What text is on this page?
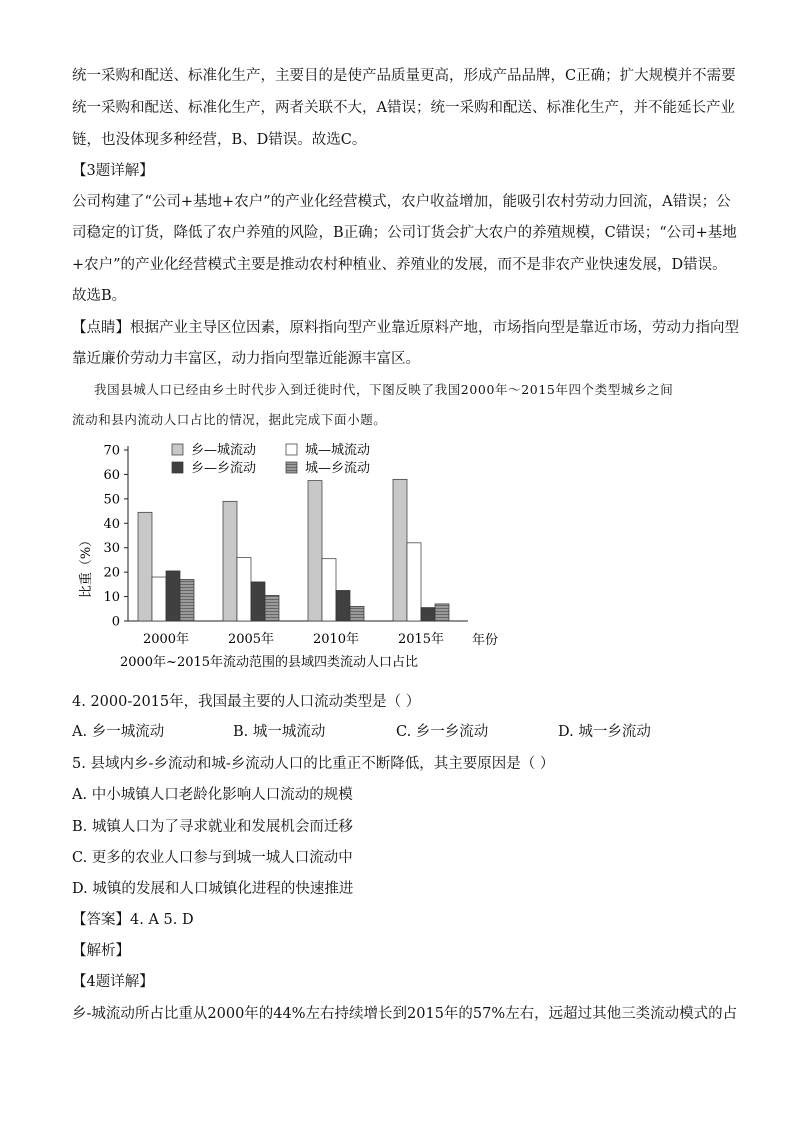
统一采购和配送、标准化生产，主要目的是使产品质量更高，形成产品品牌，C正确；扩大规模并不需要
统一采购和配送、标准化生产，两者关联不大，A错误；统一采购和配送、标准化生产，并不能延长产业
链，也没体现多种经营，B、D错误。故选C。
【3题详解】
公司构建了“公司+基地+农户”的产业化经营模式，农户收益增加，能吸引农村劳动力回流，A错误；公
司稳定的订货，降低了农户养殖的风险，B正确；公司订货会扩大农户的养殖规模，C错误；“公司+基地
+农户”的产业化经营模式主要是推动农村种植业、养殖业的发展，而不是非农产业快速发展，D错误。
故选B。
【点睛】根据产业主导区位因素，原料指向型产业靠近原料产地，市场指向型是靠近市场，劳动力指向型
靠近廉价劳动力丰富区，动力指向型靠近能源丰富区。
我国县城人口已经由乡土时代步入到迁徙时代，下图反映了我国2000年～2015年四个类型城乡之间
流动和县内流动人口占比的情况，据此完成下面小题。
0
10
20
30
40
50
60
70
2000年	2005年	2010年	2015年
乡—城流动	城—城流动
乡—乡流动	城—乡流动
比重（%）
年份
2000年~2015年流动范围的县域四类流动人口占比
4. 2000-2015年，我国最主要的人口流动类型是（ ）
A. 乡一城流动	B. 城一城流动	C. 乡一乡流动	D. 城一乡流动
5. 县域内乡-乡流动和城-乡流动人口的比重正不断降低，其主要原因是（ ）
A. 中小城镇人口老龄化影响人口流动的规模
B. 城镇人口为了寻求就业和发展机会而迁移
C. 更多的农业人口参与到城一城人口流动中
D. 城镇的发展和人口城镇化进程的快速推进
【答案】4. A 5. D
【解析】
【4题详解】
乡-城流动所占比重从2000年的44%左右持续增长到2015年的57%左右，远超过其他三类流动模式的占
